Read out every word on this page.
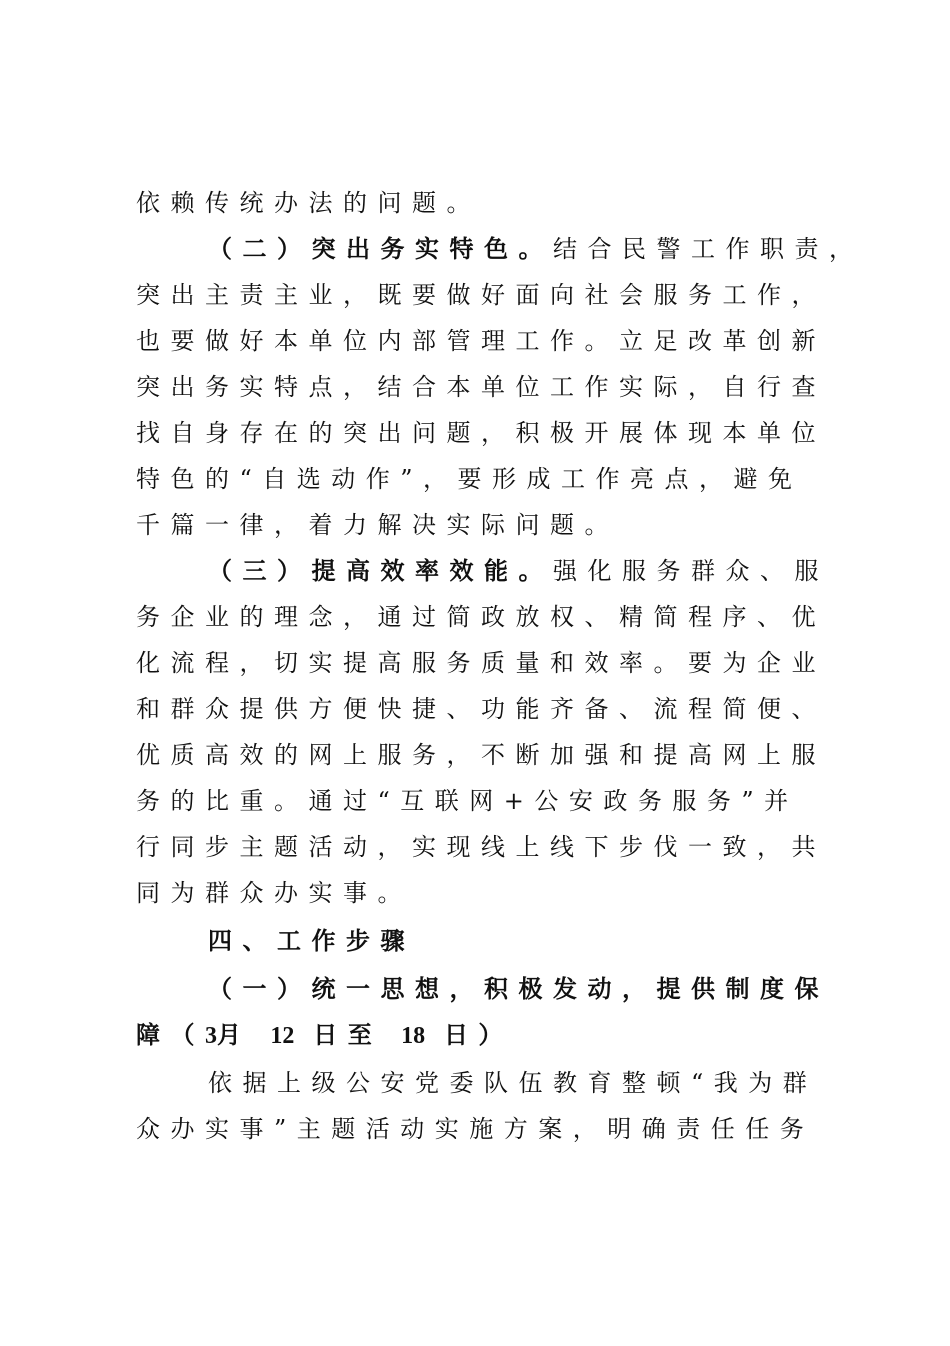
依赖传统办法的问题。
（二）突出务实特色。结合民警工作职责，
突出主责主业，既要做好面向社会服务工作，
也要做好本单位内部管理工作。立足改革创新
突出务实特点，结合本单位工作实际，自行查
找自身存在的突出问题，积极开展体现本单位
特色的“自选动作”，要形成工作亮点，避免
千篇一律，着力解决实际问题。
（三）提高效率效能。强化服务群众、服
务企业的理念，通过简政放权、精简程序、优
化流程，切实提高服务质量和效率。要为企业
和群众提供方便快捷、功能齐备、流程简便、
优质高效的网上服务，不断加强和提高网上服
务的比重。通过“互联网+公安政务服务”并
行同步主题活动，实现线上线下步伐一致，共
同为群众办实事。
四、工作步骤
（一）统一思想，积极发动，提供制度保
障（3月 12 日至 18 日）
依据上级公安党委队伍教育整顿“我为群
众办实事”主题活动实施方案，明确责任任务
